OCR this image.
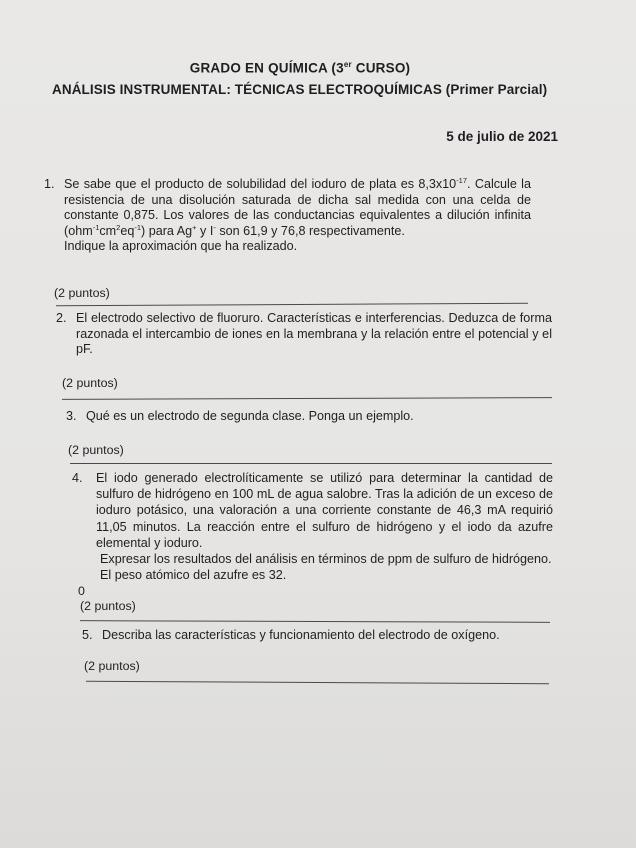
GRADO EN QUÍMICA (3er CURSO)
ANÁLISIS INSTRUMENTAL: TÉCNICAS ELECTROQUÍMICAS (Primer Parcial)
5 de julio de 2021
1. Se sabe que el producto de solubilidad del ioduro de plata es $8,3x10^{-17}$. Calcule la resistencia de una disolución saturada de dicha sal medida con una celda de constante 0,875. Los valores de las conductancias equivalentes a dilución infinita $(ohm^{-1}cm^2eq^{-1})$ para Ag+ y I- son 61,9 y 76,8 respectivamente.

Indique la aproximación que ha realizado.

(2 puntos)
2. El electrodo selectivo de fluoruro. Características e interferencias. Deduzca de forma razonada el intercambio de iones en la membrana y la relación entre el potencial y el pF.
(2 puntos)
3. Qué es un electrodo de segunda clase. Ponga un ejemplo.
(2 puntos)
4. El iodo generado electrolíticamente se utilizó para determinar la cantidad de sulfuro de hidrógeno en 100 mL de agua salobre. Tras la adición de un exceso de ioduro potásico, una valoración a una corriente constante de 46,3 mA requirió 11,05 minutos. La reacción entre el sulfuro de hidrógeno y el iodo da azufre elemental y ioduro.

Expresar los resultados del análisis en términos de ppm de sulfuro de hidrógeno.

El peso atómico del azufre es 32.

0
(2 puntos)
5. Describa las características y funcionamiento del electrodo de oxígeno.
(2 puntos)
